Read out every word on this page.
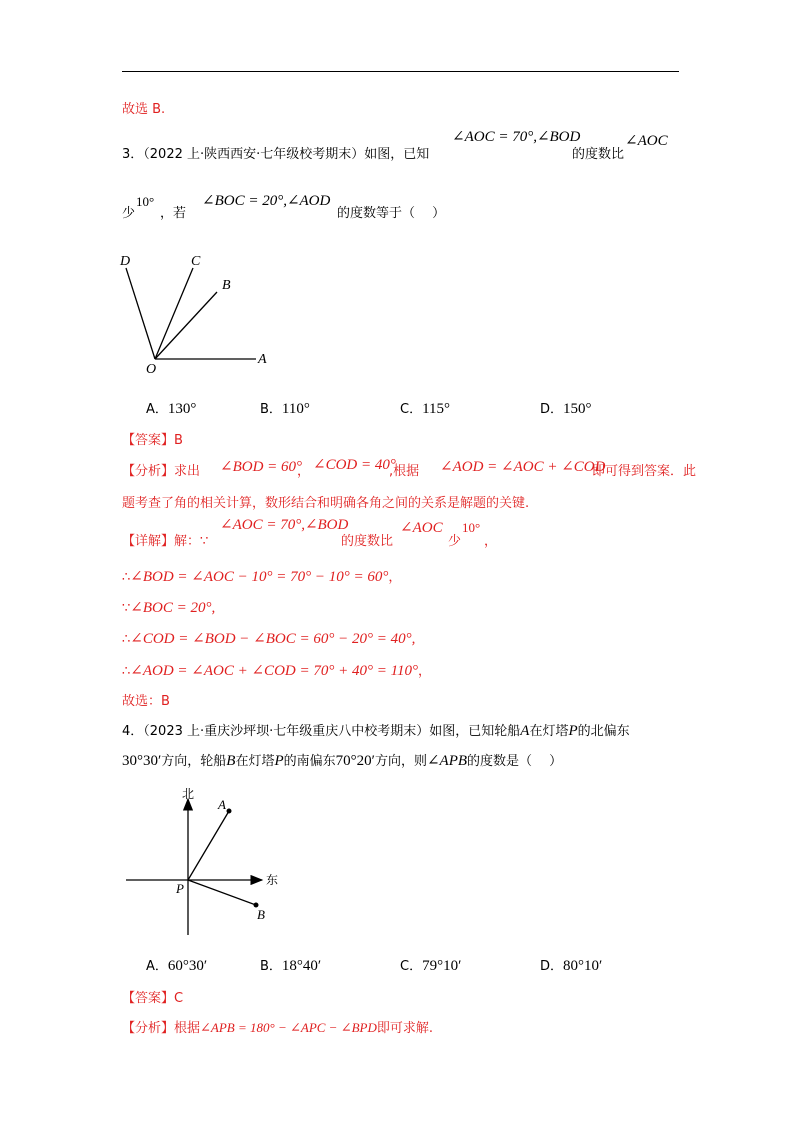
故选 B.
3．（2022 上·陕西西安·七年级校考期末）如图，已知
∠AOC = 70°,∠BOD
的度数比
∠AOC
少
10°
，若
∠BOC = 20°,∠AOD
的度数等于（　 ）
D	C
B
O
A
A．130°	B．110°	C．115°	D．150°
【答案】B
【分析】求出 ∠BOD = 60°
， ∠COD = 40°
,根据 ∠AOD = ∠AOC + ∠COD
即可得到答案．此
题考查了角的相关计算，数形结合和明确各角之间的关系是解题的关键.
【详解】解：∵
∠AOC = 70°,∠BOD
的度数比
∠AOC
少
10°
，
∴∠BOD = ∠AOC − 10° = 70° − 10° = 60°，
∵∠BOC = 20°,
∴∠COD = ∠BOD − ∠BOC = 60° − 20° = 40°,
∴∠AOD = ∠AOC + ∠COD = 70° + 40° = 110°，
故选：B
4．（2023 上·重庆沙坪坝·七年级重庆八中校考期末）如图，已知轮船A在灯塔P的北偏东
30°30′方向，轮船B在灯塔P的南偏东70°20′方向，则∠APB的度数是（　 ）
北
东
P
A
B
A．60°30′	B．18°40′	C．79°10′	D．80°10′
【答案】C
【分析】根据∠APB = 180° − ∠APC − ∠BPD即可求解.
